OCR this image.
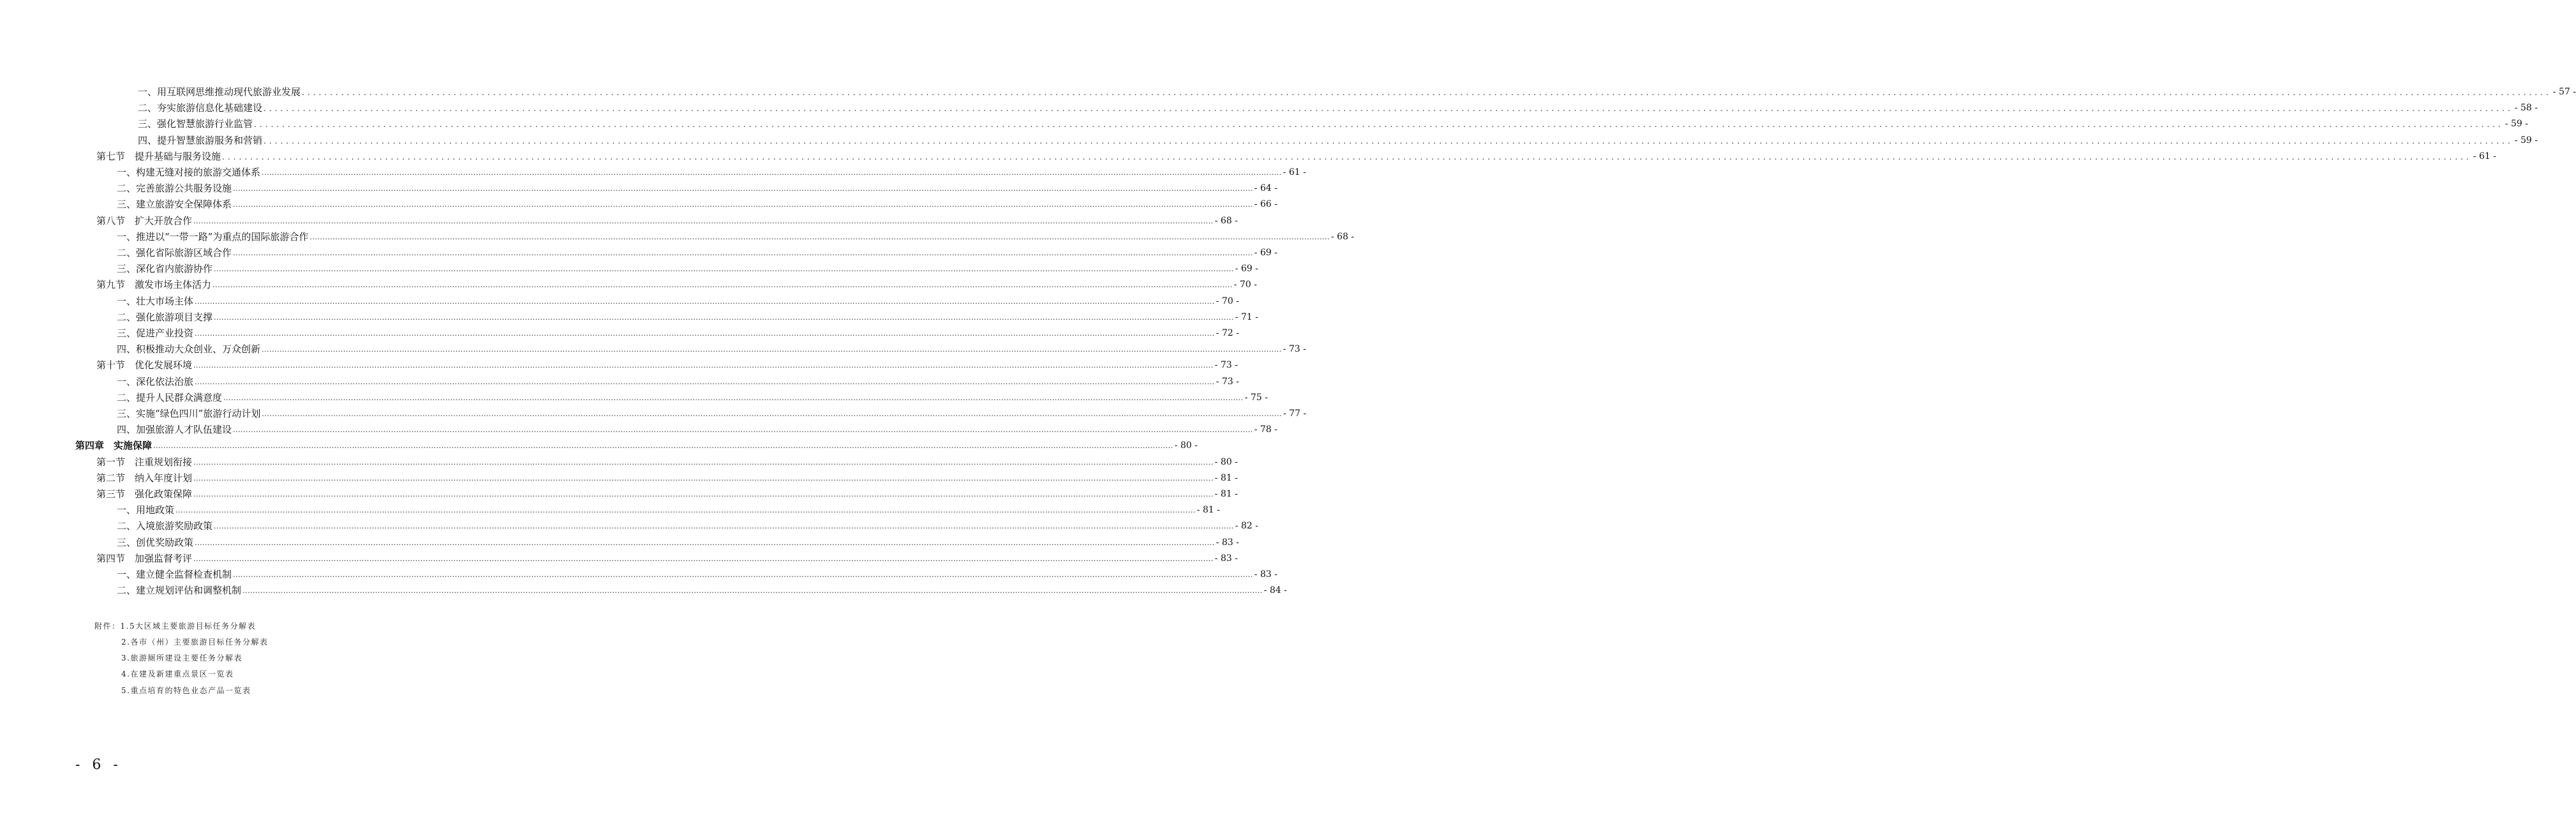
一、用互联网思维推动现代旅游业发展 ................................................................................................................................................................................................................................................................................................................................................................................................................ - 57 -
二、夯实旅游信息化基础建设 ................................................................................................................................................................................................................................................................................................................................................................................................................ - 58 -
三、强化智慧旅游行业监管 ................................................................................................................................................................................................................................................................................................................................................................................................................ - 59 -
四、提升智慧旅游服务和营销 ................................................................................................................................................................................................................................................................................................................................................................................................................ - 59 -
第七节　提升基础与服务设施 ................................................................................................................................................................................................................................................................................................................................................................................................................ - 61 -
一、构建无缝对接的旅游交通体系 ................................................................................................................................................................................................................................................................................................................................................................................................................ - 61 -
二、完善旅游公共服务设施 ................................................................................................................................................................................................................................................................................................................................................................................................................ - 64 -
三、建立旅游安全保障体系 ................................................................................................................................................................................................................................................................................................................................................................................................................ - 66 -
第八节　扩大开放合作 ................................................................................................................................................................................................................................................................................................................................................................................................................ - 68 -
一、推进以“一带一路”为重点的国际旅游合作 ................................................................................................................................................................................................................................................................................................................................................................................................................ - 68 -
二、强化省际旅游区域合作 ................................................................................................................................................................................................................................................................................................................................................................................................................ - 69 -
三、深化省内旅游协作 ................................................................................................................................................................................................................................................................................................................................................................................................................ - 69 -
第九节　激发市场主体活力 ................................................................................................................................................................................................................................................................................................................................................................................................................ - 70 -
一、壮大市场主体 ................................................................................................................................................................................................................................................................................................................................................................................................................ - 70 -
二、强化旅游项目支撑 ................................................................................................................................................................................................................................................................................................................................................................................................................ - 71 -
三、促进产业投资 ................................................................................................................................................................................................................................................................................................................................................................................................................ - 72 -
四、积极推动大众创业、万众创新 ................................................................................................................................................................................................................................................................................................................................................................................................................ - 73 -
第十节　优化发展环境 ................................................................................................................................................................................................................................................................................................................................................................................................................ - 73 -
一、深化依法治旅 ................................................................................................................................................................................................................................................................................................................................................................................................................ - 73 -
二、提升人民群众满意度 ................................................................................................................................................................................................................................................................................................................................................................................................................ - 75 -
三、实施“绿色四川”旅游行动计划 ................................................................................................................................................................................................................................................................................................................................................................................................................ - 77 -
四、加强旅游人才队伍建设 ................................................................................................................................................................................................................................................................................................................................................................................................................ - 78 -
第四章　实施保障 ................................................................................................................................................................................................................................................................................................................................................................................................................ - 80 -
第一节　注重规划衔接 ................................................................................................................................................................................................................................................................................................................................................................................................................ - 80 -
第二节　纳入年度计划 ................................................................................................................................................................................................................................................................................................................................................................................................................ - 81 -
第三节　强化政策保障 ................................................................................................................................................................................................................................................................................................................................................................................................................ - 81 -
一、用地政策 ................................................................................................................................................................................................................................................................................................................................................................................................................ - 81 -
二、入境旅游奖励政策 ................................................................................................................................................................................................................................................................................................................................................................................................................ - 82 -
三、创优奖励政策 ................................................................................................................................................................................................................................................................................................................................................................................................................ - 83 -
第四节　加强监督考评 ................................................................................................................................................................................................................................................................................................................................................................................................................ - 83 -
一、建立健全监督检查机制 ................................................................................................................................................................................................................................................................................................................................................................................................................ - 83 -
二、建立规划评估和调整机制 ................................................................................................................................................................................................................................................................................................................................................................................................................ - 84 -
附件：1.5大区域主要旅游目标任务分解表
2.各市（州）主要旅游目标任务分解表
3.旅游厕所建设主要任务分解表
4.在建及新建重点景区一览表
5.重点培育的特色业态产品一览表
- 6 -
